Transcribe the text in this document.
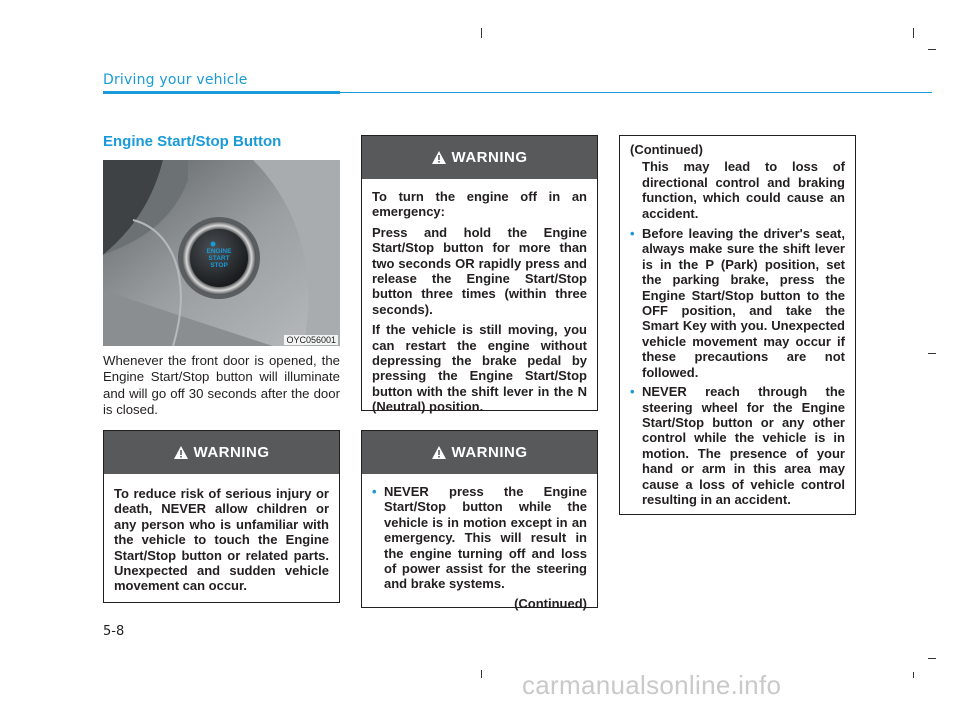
Driving your vehicle
Engine Start/Stop Button
ENGINE
START
STOP
OYC056001
Whenever the front door is opened, the Engine Start/Stop button will illuminate and will go off 30 seconds after the door is closed.
WARNING

To reduce risk of serious injury or death, NEVER allow children or any person who is unfamiliar with the vehicle to touch the Engine Start/Stop button or related parts. Unexpected and sudden vehicle movement can occur.

WARNING

To turn the engine off in an emergency:

Press and hold the Engine Start/Stop button for more than two seconds OR rapidly press and release the Engine Start/Stop button three times (within three seconds).

If the vehicle is still moving, you can restart the engine without depressing the brake pedal by pressing the Engine Start/Stop button with the shift lever in the N (Neutral) position.

WARNING
• NEVER press the Engine Start/Stop button while the vehicle is in motion except in an emergency. This will result in the engine turning off and loss of power assist for the steering and brake systems.
(Continued)
(Continued)

This may lead to loss of directional control and braking function, which could cause an accident.

• Before leaving the driver's seat, always make sure the shift lever is in the P (Park) position, set the parking brake, press the Engine Start/Stop button to the OFF position, and take the Smart Key with you. Unexpected vehicle movement may occur if these precautions are not followed.
• NEVER reach through the steering wheel for the Engine Start/Stop button or any other control while the vehicle is in motion. The presence of your hand or arm in this area may cause a loss of vehicle control resulting in an accident.
5-8
carmanualsonline.info
